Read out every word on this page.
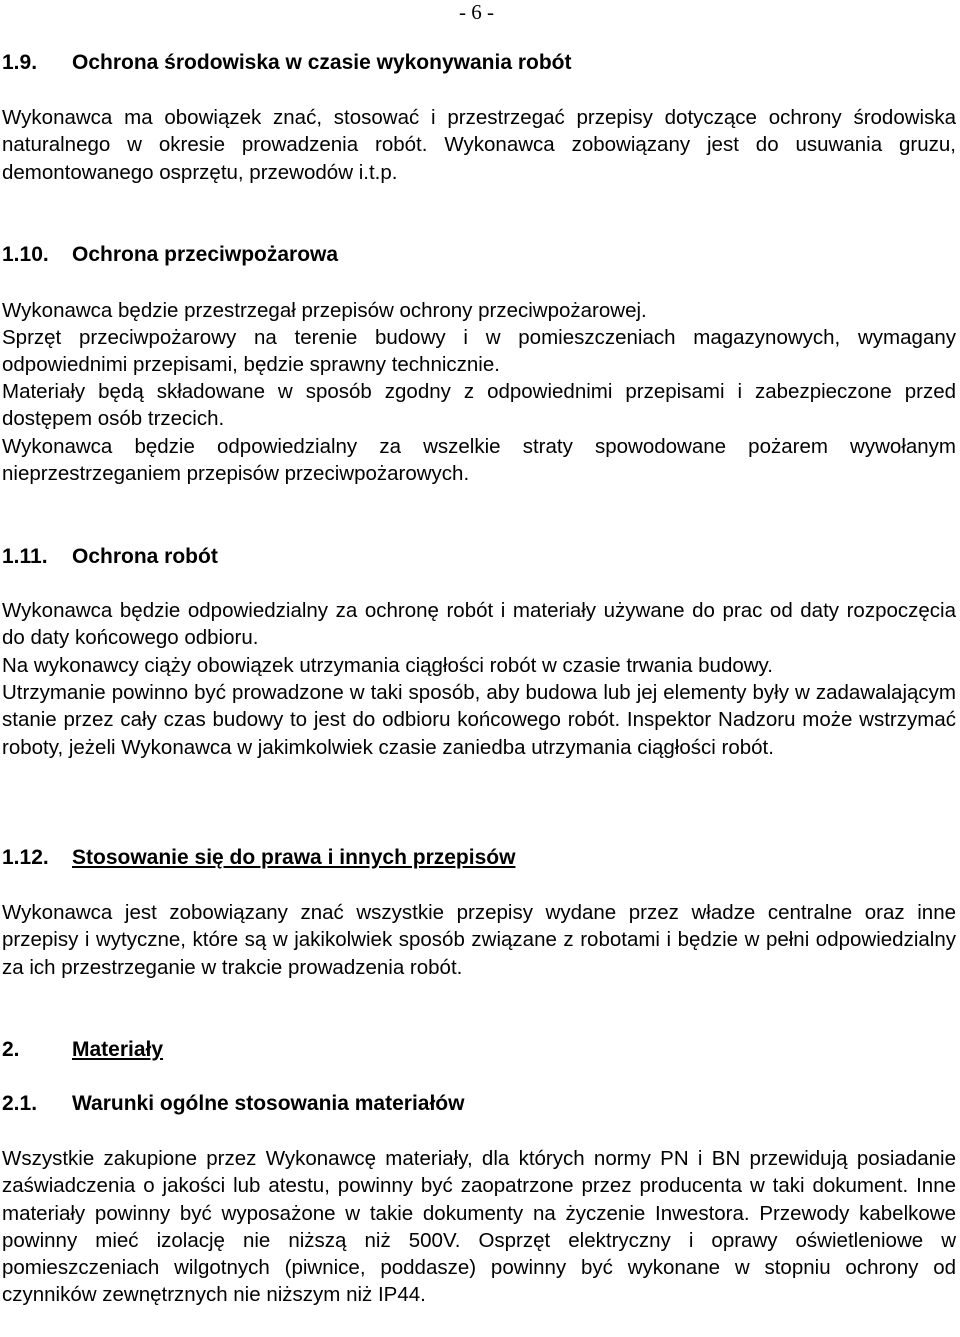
- 6 -
1.9. Ochrona środowiska w czasie wykonywania robót

Wykonawca ma obowiązek znać, stosować i przestrzegać przepisy dotyczące ochrony środowiska naturalnego w okresie prowadzenia robót. Wykonawca zobowiązany jest do usuwania gruzu, demontowanego osprzętu, przewodów i.t.p.

1.10. Ochrona przeciwpożarowa

Wykonawca będzie przestrzegał przepisów ochrony przeciwpożarowej.

Sprzęt przeciwpożarowy na terenie budowy i w pomieszczeniach magazynowych, wymagany odpowiednimi przepisami, będzie sprawny technicznie.

Materiały będą składowane w sposób zgodny z odpowiednimi przepisami i zabezpieczone przed dostępem osób trzecich.

Wykonawca będzie odpowiedzialny za wszelkie straty spowodowane pożarem wywołanym nieprzestrzeganiem przepisów przeciwpożarowych.

1.11. Ochrona robót

Wykonawca będzie odpowiedzialny za ochronę robót i materiały używane do prac od daty rozpoczęcia do daty końcowego odbioru.

Na wykonawcy ciąży obowiązek utrzymania ciągłości robót w czasie trwania budowy.

Utrzymanie powinno być prowadzone w taki sposób, aby budowa lub jej elementy były w zadawalającym stanie przez cały czas budowy to jest do odbioru końcowego robót. Inspektor Nadzoru może wstrzymać roboty, jeżeli Wykonawca w jakimkolwiek czasie zaniedba utrzymania ciągłości robót.

1.12. Stosowanie się do prawa i innych przepisów

Wykonawca jest zobowiązany znać wszystkie przepisy wydane przez władze centralne oraz inne przepisy i wytyczne, które są w jakikolwiek sposób związane z robotami i będzie w pełni odpowiedzialny za ich przestrzeganie w trakcie prowadzenia robót.

2. Materiały
2.1. Warunki ogólne stosowania materiałów

Wszystkie zakupione przez Wykonawcę materiały, dla których normy PN i BN przewidują posiadanie zaświadczenia o jakości lub atestu, powinny być zaopatrzone przez producenta w taki dokument. Inne materiały powinny być wyposażone w takie dokumenty na życzenie Inwestora. Przewody kabelkowe powinny mieć izolację nie niższą niż 500V. Osprzęt elektryczny i oprawy oświetleniowe w pomieszczeniach wilgotnych (piwnice, poddasze) powinny być wykonane w stopniu ochrony od czynników zewnętrznych nie niższym niż IP44.
